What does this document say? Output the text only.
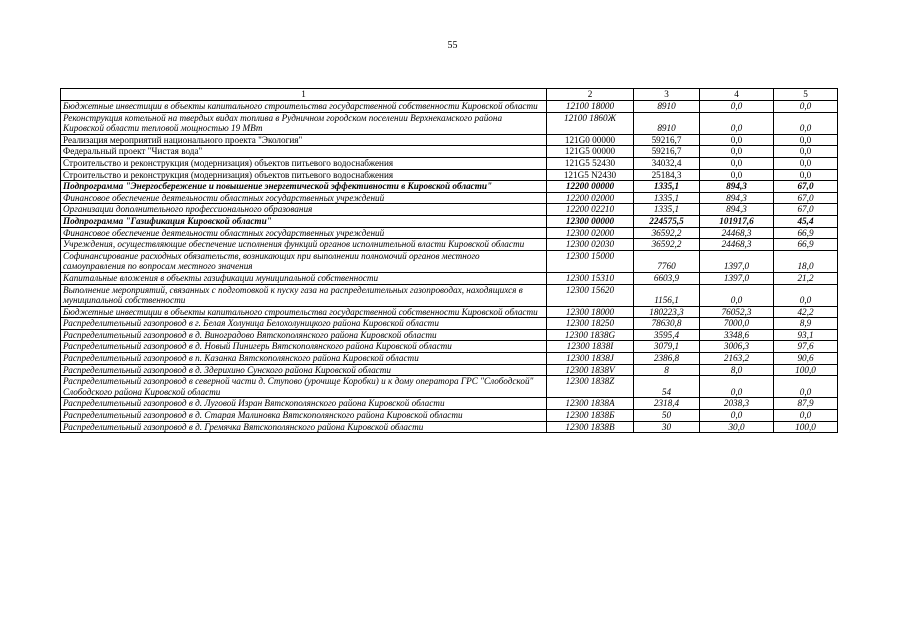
55
1	2	3	4	5
Бюджетные инвестиции в объекты капитального строительства государственной собственности Кировской области	12100 18000	8910	0,0	0,0
Реконструкция котельной на твердых видах топлива в Рудничном городском поселении Верхнекамского района Кировской области тепловой мощностью 19 МВт	12100 1860Ж	8910	0,0	0,0
Реализация мероприятий национального проекта "Экология"	121G0 00000	59216,7	0,0	0,0
Федеральный проект "Чистая вода"	121G5 00000	59216,7	0,0	0,0
Строительство и реконструкция (модернизация) объектов питьевого водоснабжения	121G5 52430	34032,4	0,0	0,0
Строительство и реконструкция (модернизация) объектов питьевого водоснабжения	121G5 N2430	25184,3	0,0	0,0
Подпрограмма "Энергосбережение и повышение энергетической эффективности в Кировской области"	12200 00000	1335,1	894,3	67,0
Финансовое обеспечение деятельности областных государственных учреждений	12200 02000	1335,1	894,3	67,0
Организации дополнительного профессионального образования	12200 02210	1335,1	894,3	67,0
Подпрограмма "Газификация Кировской области"	12300 00000	224575,5	101917,6	45,4
Финансовое обеспечение деятельности областных государственных учреждений	12300 02000	36592,2	24468,3	66,9
Учреждения, осуществляющие обеспечение исполнения функций органов исполнительной власти Кировской области	12300 02030	36592,2	24468,3	66,9
Софинансирование расходных обязательств, возникающих при выполнении полномочий органов местного самоуправления по вопросам местного значения	12300 15000	7760	1397,0	18,0
Капитальные вложения в объекты газификации муниципальной собственности	12300 15310	6603,9	1397,0	21,2
Выполнение мероприятий, связанных с подготовкой к пуску газа на распределительных газопроводах, находящихся в муниципальной собственности	12300 15620	1156,1	0,0	0,0
Бюджетные инвестиции в объекты капитального строительства государственной собственности Кировской области	12300 18000	180223,3	76052,3	42,2
Распределительный газопровод в г. Белая Холуница Белохолуницкого района Кировской области	12300 18250	78630,8	7000,0	8,9
Распределительный газопровод в д. Виноградово Вятскополянского района Кировской области	12300 1838G	3595,4	3348,6	93,1
Распределительный газопровод в д. Новый Пинигерь Вятскополянского района Кировской области	12300 1838I	3079,1	3006,3	97,6
Распределительный газопровод в п. Казанка Вятскополянского района Кировской области	12300 1838J	2386,8	2163,2	90,6
Распределительный газопровод в д. Здерихино Сунского района Кировской области	12300 1838V	8	8,0	100,0
Распределительный газопровод в северной части д. Ступово (урочище Коробки) и к дому оператора ГРС "Слободской" Слободского района Кировской области	12300 1838Z	54	0,0	0,0
Распределительный газопровод в д. Луговой Изран Вятскополянского района Кировской области	12300 1838A	2318,4	2038,3	87,9
Распределительный газопровод в д. Старая Малиновка Вятскополянского района Кировской области	12300 1838Б	50	0,0	0,0
Распределительный газопровод в д. Гремячка Вятскополянского района Кировской области	12300 1838B	30	30,0	100,0
